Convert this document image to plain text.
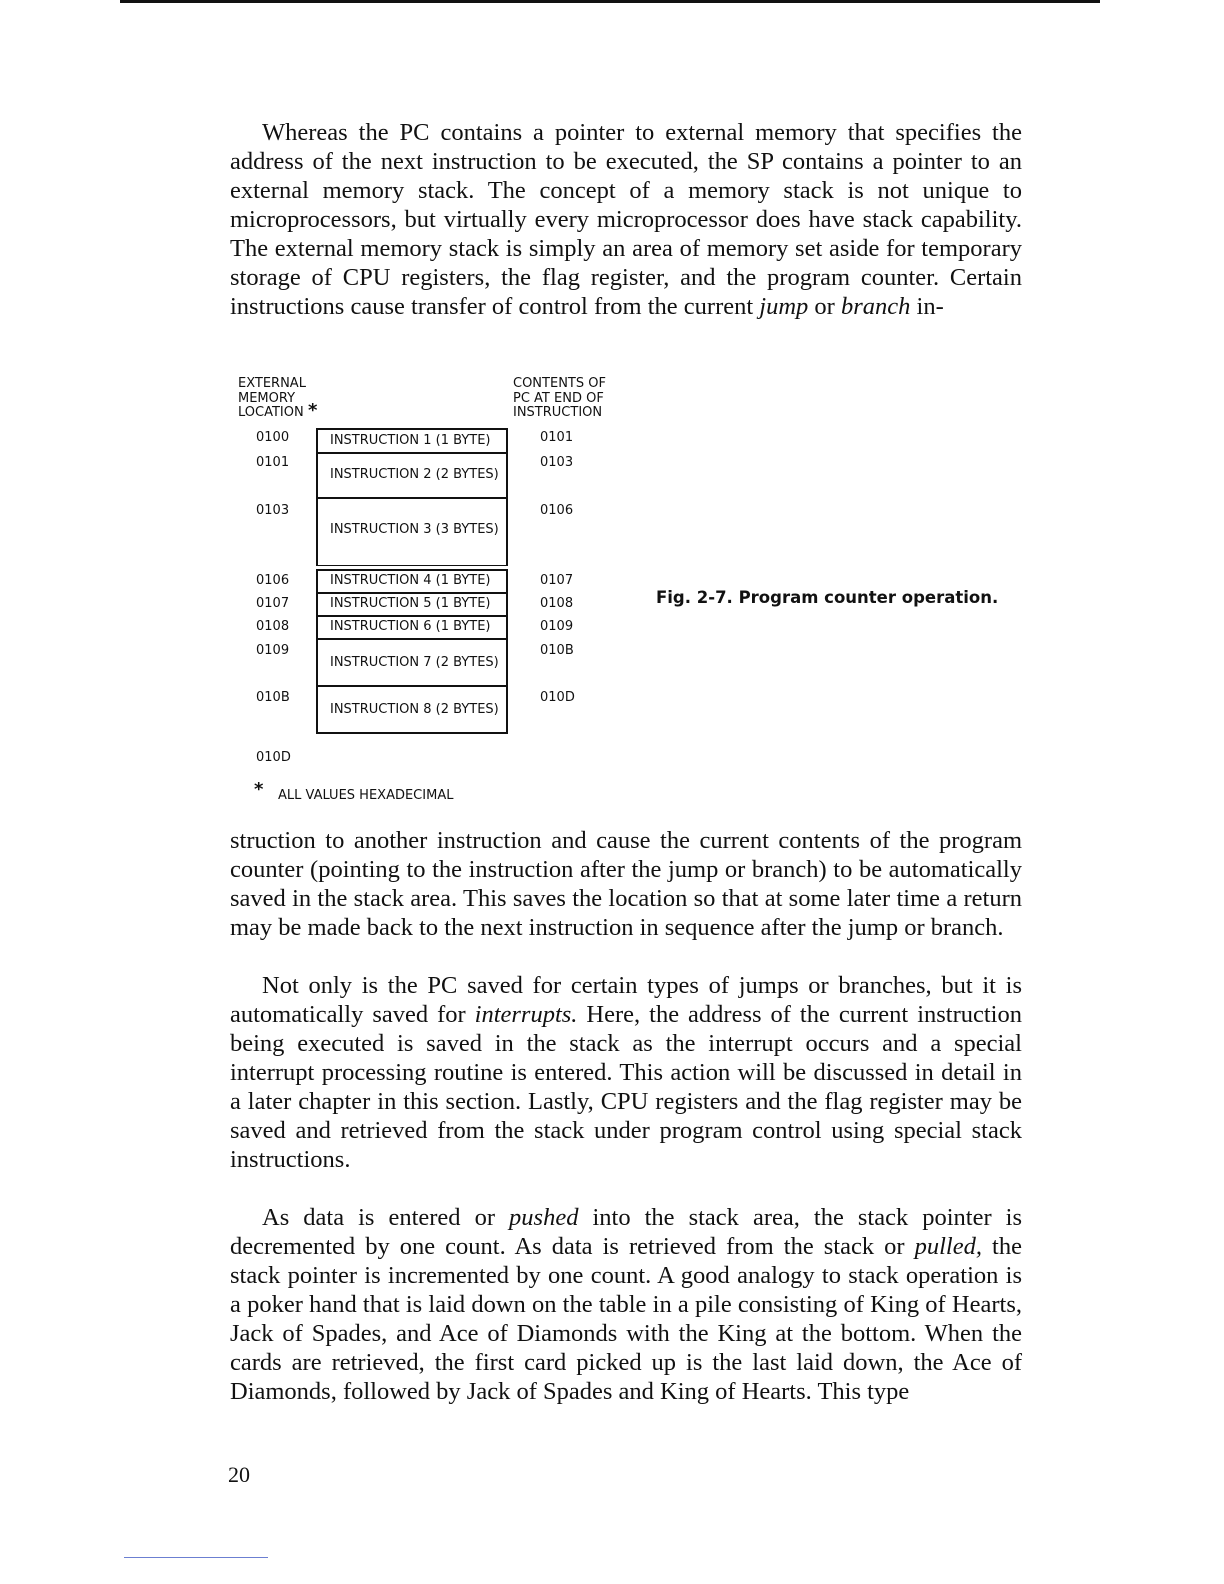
Whereas the PC contains a pointer to external memory that specifies the address of the next instruction to be executed, the SP contains a pointer to an external memory stack. The concept of a memory stack is not unique to microprocessors, but virtually every microprocessor does have stack capability. The external memory stack is simply an area of memory set aside for temporary storage of CPU registers, the flag register, and the program counter. Certain instructions cause transfer of control from the current jump or branch in-

EXTERNAL
MEMORY
LOCATION *
CONTENTS OF
PC AT END OF
INSTRUCTION
INSTRUCTION 1 (1 BYTE)
INSTRUCTION 2 (2 BYTES)
INSTRUCTION 3 (3 BYTES)
INSTRUCTION 4 (1 BYTE)
INSTRUCTION 5 (1 BYTE)
INSTRUCTION 6 (1 BYTE)
INSTRUCTION 7 (2 BYTES)
INSTRUCTION 8 (2 BYTES)
0100
0101
0103
0106
0107
0108
0109
010B
010D
0101
0103
0106
0107
0108
0109
010B
010D
* ALL VALUES HEXADECIMAL
Fig. 2-7. Program counter operation.

struction to another instruction and cause the current contents of the program counter (pointing to the instruction after the jump or branch) to be automatically saved in the stack area. This saves the location so that at some later time a return may be made back to the next instruction in sequence after the jump or branch.

Not only is the PC saved for certain types of jumps or branches, but it is automatically saved for interrupts. Here, the address of the current instruction being executed is saved in the stack as the interrupt occurs and a special interrupt processing routine is entered. This action will be discussed in detail in a later chapter in this section. Lastly, CPU registers and the flag register may be saved and retrieved from the stack under program control using special stack instructions.

As data is entered or pushed into the stack area, the stack pointer is decremented by one count. As data is retrieved from the stack or pulled, the stack pointer is incremented by one count. A good analogy to stack operation is a poker hand that is laid down on the table in a pile consisting of King of Hearts, Jack of Spades, and Ace of Diamonds with the King at the bottom. When the cards are retrieved, the first card picked up is the last laid down, the Ace of Diamonds, followed by Jack of Spades and King of Hearts. This type

20
